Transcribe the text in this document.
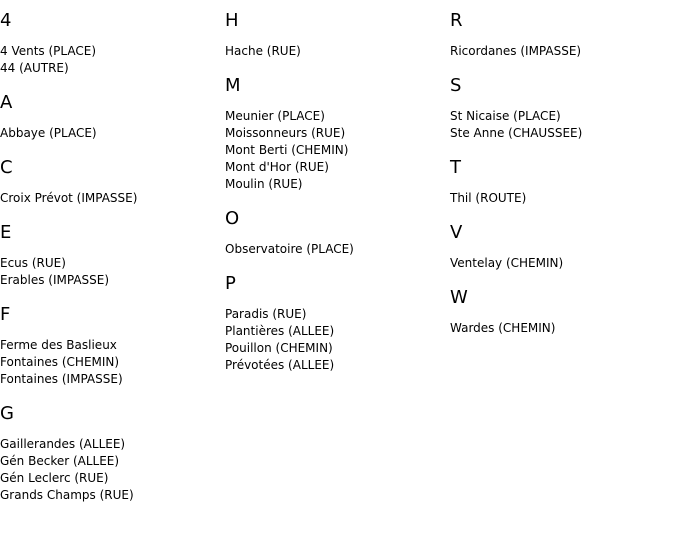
4
4 Vents (PLACE)
44 (AUTRE)
A
Abbaye (PLACE)
C
Croix Prévot (IMPASSE)
E
Ecus (RUE)
Erables (IMPASSE)
F
Ferme des Baslieux
Fontaines (CHEMIN)
Fontaines (IMPASSE)
G
Gaillerandes (ALLEE)
Gén Becker (ALLEE)
Gén Leclerc (RUE)
Grands Champs (RUE)
H
Hache (RUE)
M
Meunier (PLACE)
Moissonneurs (RUE)
Mont Berti (CHEMIN)
Mont d'Hor (RUE)
Moulin (RUE)
O
Observatoire (PLACE)
P
Paradis (RUE)
Plantières (ALLEE)
Pouillon (CHEMIN)
Prévotées (ALLEE)
R
Ricordanes (IMPASSE)
S
St Nicaise (PLACE)
Ste Anne (CHAUSSEE)
T
Thil (ROUTE)
V
Ventelay (CHEMIN)
W
Wardes (CHEMIN)
